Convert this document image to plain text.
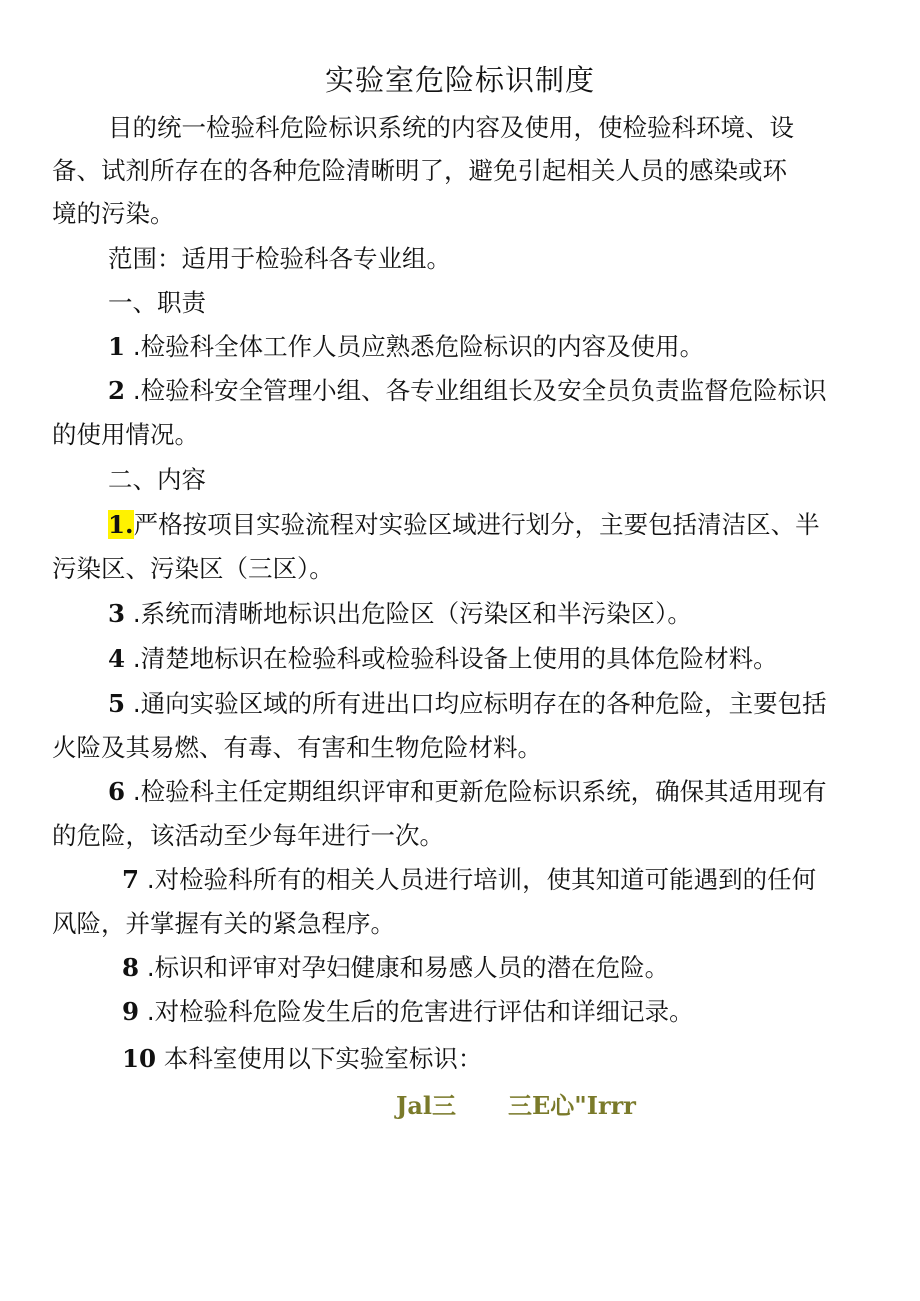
实验室危险标识制度
目的统一检验科危险标识系统的内容及使用，使检验科环境、设
备、试剂所存在的各种危险清晰明了，避免引起相关人员的感染或环
境的污染。
范围：适用于检验科各专业组。
一、职责
1 .检验科全体工作人员应熟悉危险标识的内容及使用。
2 .检验科安全管理小组、各专业组组长及安全员负责监督危险标识
的使用情况。
二、内容
1.严格按项目实验流程对实验区域进行划分，主要包括清洁区、半
污染区、污染区（三区）。
3 .系统而清晰地标识出危险区（污染区和半污染区）。
4 .清楚地标识在检验科或检验科设备上使用的具体危险材料。
5 .通向实验区域的所有进出口均应标明存在的各种危险，主要包括
火险及其易燃、有毒、有害和生物危险材料。
6 .检验科主任定期组织评审和更新危险标识系统，确保其适用现有
的危险，该活动至少每年进行一次。
7 .对检验科所有的相关人员进行培训，使其知道可能遇到的任何
风险，并掌握有关的紧急程序。
8 .标识和评审对孕妇健康和易感人员的潜在危险。
9 .对检验科危险发生后的危害进行评估和详细记录。
10 本科室使用以下实验室标识：
Jal三 三E心"Irrr
